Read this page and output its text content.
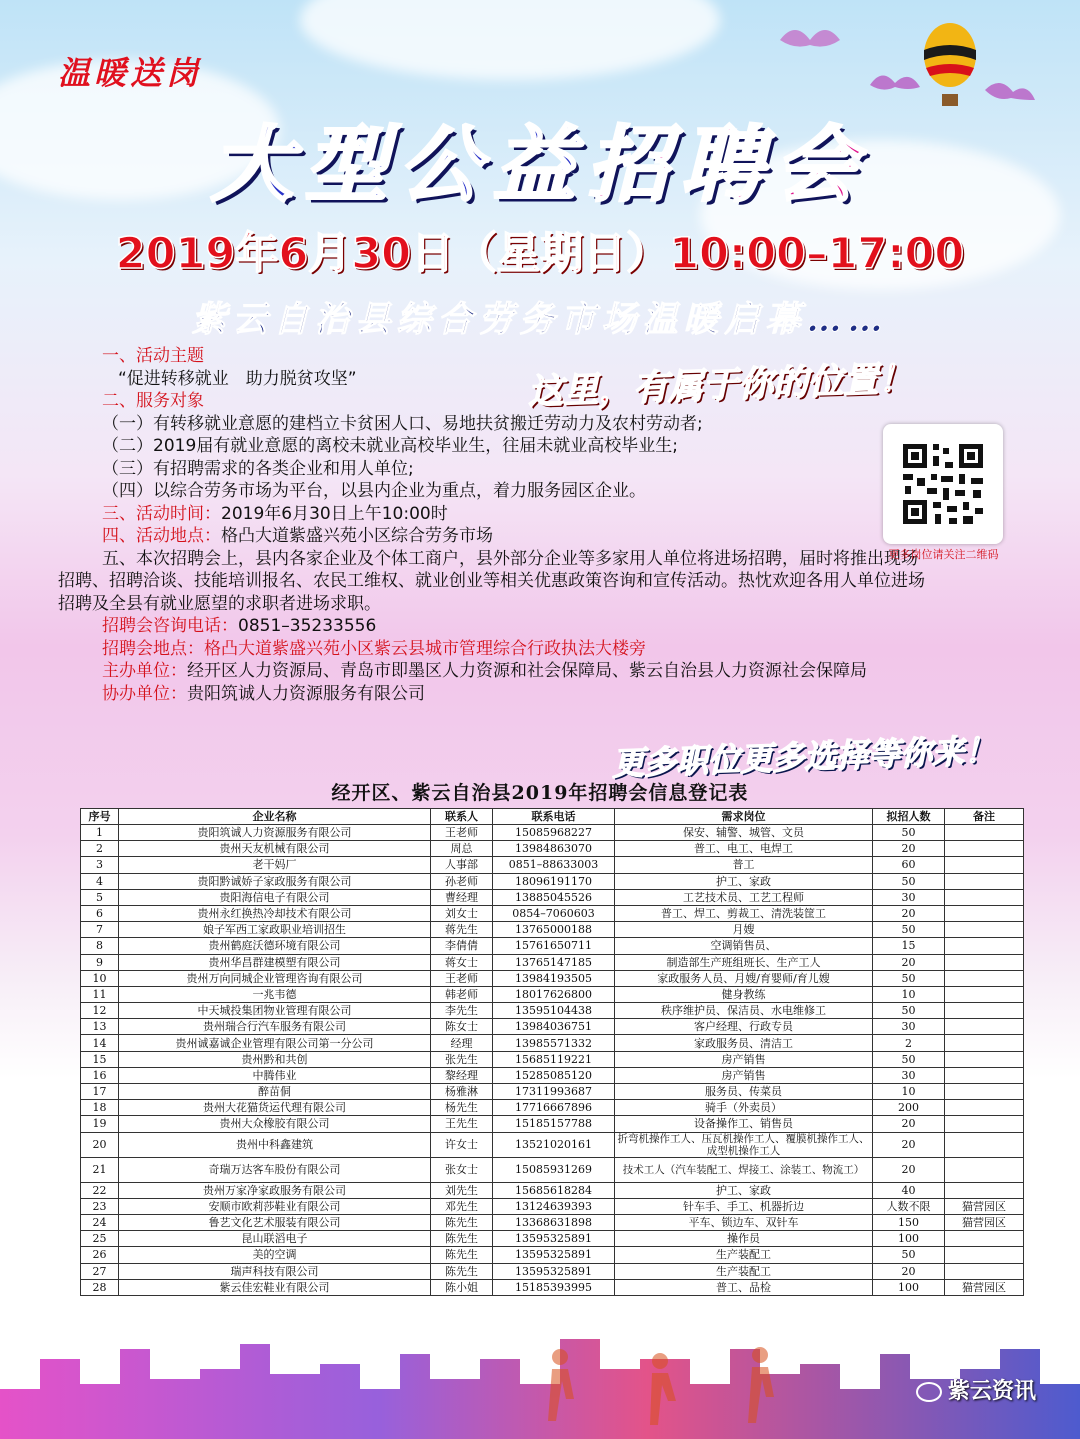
温暖送岗
大型公益招聘会
2019年6月30日（星期日）10:00–17:00
紫云自治县综合劳务市场温暖启幕……
一、活动主题
“促进转移就业　助力脱贫攻坚”
二、服务对象
（一）有转移就业意愿的建档立卡贫困人口、易地扶贫搬迁劳动力及农村劳动者;
（二）2019届有就业意愿的离校未就业高校毕业生，往届未就业高校毕业生;
（三）有招聘需求的各类企业和用人单位;
（四）以综合劳务市场为平台，以县内企业为重点，着力服务园区企业。
三、活动时间：2019年6月30日上午10:00时
四、活动地点：格凸大道紫盛兴苑小区综合劳务市场
五、本次招聘会上，县内各家企业及个体工商户，县外部分企业等多家用人单位将进场招聘，届时将推出现场
招聘、招聘洽谈、技能培训报名、农民工维权、就业创业等相关优惠政策咨询和宣传活动。热忱欢迎各用人单位进场
招聘及全县有就业愿望的求职者进场求职。
招聘会咨询电话：0851–35233556
招聘会地点：格凸大道紫盛兴苑小区紫云县城市管理综合行政执法大楼旁
主办单位：经开区人力资源局、青岛市即墨区人力资源和社会保障局、紫云自治县人力资源社会保障局
协办单位：贵阳筑诚人力资源服务有限公司
这里，有属于你的位置！
更多职位更多选择等你来！
更多岗位请关注二维码
经开区、紫云自治县2019年招聘会信息登记表
序号	企业名称	联系人	联系电话	需求岗位	拟招人数	备注
1	贵阳筑诚人力资源服务有限公司	王老师	15085968227	保安、辅警、城管、文员	50	
2	贵州天友机械有限公司	周总	13984863070	普工、电工、电焊工	20	
3	老干妈厂	人事部	0851–88633003	普工	60	
4	贵阳黔诚娇子家政服务有限公司	孙老师	18096191170	护工、家政	50	
5	贵阳海信电子有限公司	曹经理	13885045526	工艺技术员、工艺工程师	30	
6	贵州永红换热冷却技术有限公司	刘女士	0854–7060603	普工、焊工、剪裁工、清洗装筐工	20	
7	娘子军西工家政职业培训招生	蒋先生	13765000188	月嫂	50	
8	贵州鹤庭沃德环境有限公司	李倩倩	15761650711	空调销售员、	15	
9	贵州华昌群建模塑有限公司	蒋女士	13765147185	制造部生产班组班长、生产工人	20	
10	贵州万向同城企业管理咨询有限公司	王老师	13984193505	家政服务人员、月嫂/育婴师/育儿嫂	50	
11	一兆韦德	韩老师	18017626800	健身教练	10	
12	中天城投集团物业管理有限公司	李先生	13595104438	秩序维护员、保洁员、水电维修工	50	
13	贵州瑞合行汽车服务有限公司	陈女士	13984036751	客户经理、行政专员	30	
14	贵州诚嘉诚企业管理有限公司第一分公司	经理	13985571332	家政服务员、清洁工	2	
15	贵州黔和共创	张先生	15685119221	房产销售	50	
16	中腾伟业	黎经理	15285085120	房产销售	30	
17	醉苗侗	杨雅淋	17311993687	服务员、传菜员	10	
18	贵州大花猫货运代理有限公司	杨先生	17716667896	骑手（外卖员）	200	
19	贵州大众橡胶有限公司	王先生	15185157788	设备操作工、销售员	20	
20	贵州中科鑫建筑	许女士	13521020161	折弯机操作工人、压瓦机操作工人、覆膜机操作工人、成型机操作工人	20	
21	奇瑞万达客车股份有限公司	张女士	15085931269	技术工人（汽车装配工、焊接工、涂装工、物流工）	20	
22	贵州万家净家政服务有限公司	刘先生	15685618284	护工、家政	40	
23	安顺市欧莉莎鞋业有限公司	邓先生	13124639393	针车手、手工、机器折边	人数不限	猫营园区
24	鲁艺文化艺术服装有限公司	陈先生	13368631898	平车、锁边车、双针车	150	猫营园区
25	昆山联滔电子	陈先生	13595325891	操作员	100	
26	美的空调	陈先生	13595325891	生产装配工	50	
27	瑞声科技有限公司	陈先生	13595325891	生产装配工	20	
28	紫云佳宏鞋业有限公司	陈小姐	15185393995	普工、品检	100	猫营园区
紫云资讯
